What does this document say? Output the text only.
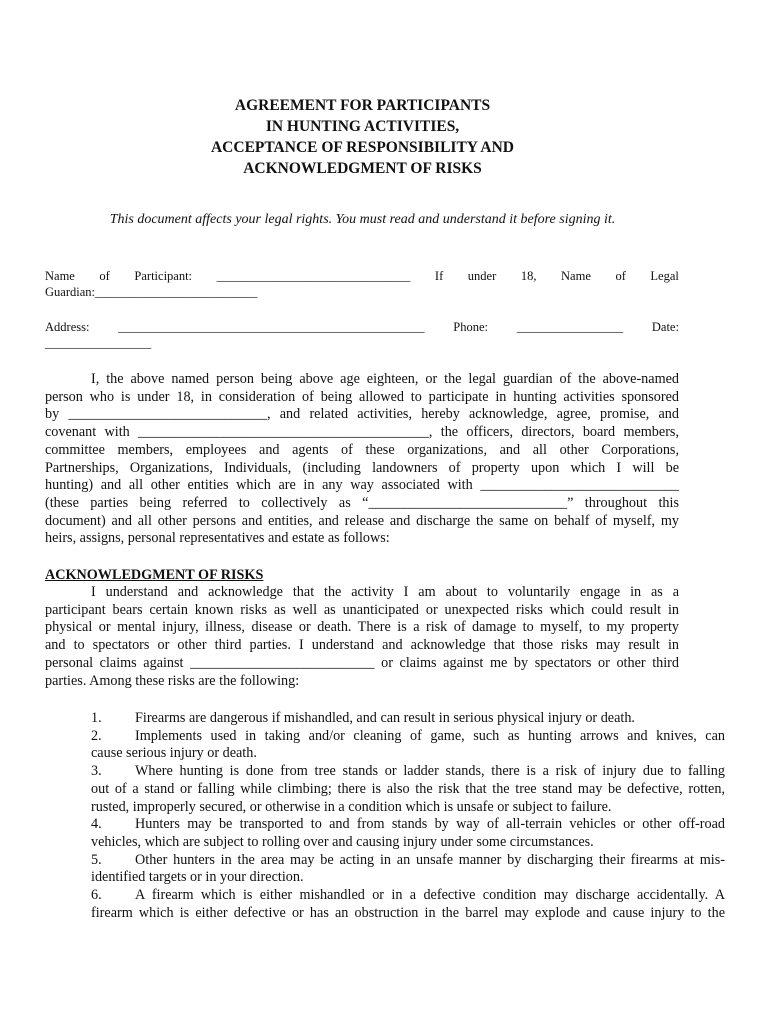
AGREEMENT FOR PARTICIPANTS
IN HUNTING ACTIVITIES,
ACCEPTANCE OF RESPONSIBILITY AND
ACKNOWLEDGMENT OF RISKS
This document affects your legal rights. You must read and understand it before signing it.
Name of Participant: _______________________________ If under 18, Name of Legal
Guardian:__________________________
Address: _________________________________________________ Phone: _________________ Date:
_________________
I, the above named person being above age eighteen, or the legal guardian of the above-named
person who is under 18, in consideration of being allowed to participate in hunting activities sponsored
by ____________________________, and related activities, hereby acknowledge, agree, promise, and
covenant with _________________________________________, the officers, directors, board members,
committee members, employees and agents of these organizations, and all other Corporations,
Partnerships, Organizations, Individuals, (including landowners of property upon which I will be
hunting) and all other entities which are in any way associated with ____________________________
(these parties being referred to collectively as “____________________________” throughout this
document) and all other persons and entities, and release and discharge the same on behalf of myself, my
heirs, assigns, personal representatives and estate as follows:
ACKNOWLEDGMENT OF RISKS
I understand and acknowledge that the activity I am about to voluntarily engage in as a
participant bears certain known risks as well as unanticipated or unexpected risks which could result in
physical or mental injury, illness, disease or death. There is a risk of damage to myself, to my property
and to spectators or other third parties. I understand and acknowledge that those risks may result in
personal claims against __________________________ or claims against me by spectators or other third
parties. Among these risks are the following:
1. Firearms are dangerous if mishandled, and can result in serious physical injury or death.
2. Implements used in taking and/or cleaning of game, such as hunting arrows and knives, can
cause serious injury or death.
3. Where hunting is done from tree stands or ladder stands, there is a risk of injury due to falling
out of a stand or falling while climbing; there is also the risk that the tree stand may be defective, rotten,
rusted, improperly secured, or otherwise in a condition which is unsafe or subject to failure.
4. Hunters may be transported to and from stands by way of all-terrain vehicles or other off-road
vehicles, which are subject to rolling over and causing injury under some circumstances.
5. Other hunters in the area may be acting in an unsafe manner by discharging their firearms at mis-
identified targets or in your direction.
6. A firearm which is either mishandled or in a defective condition may discharge accidentally. A
firearm which is either defective or has an obstruction in the barrel may explode and cause injury to the
